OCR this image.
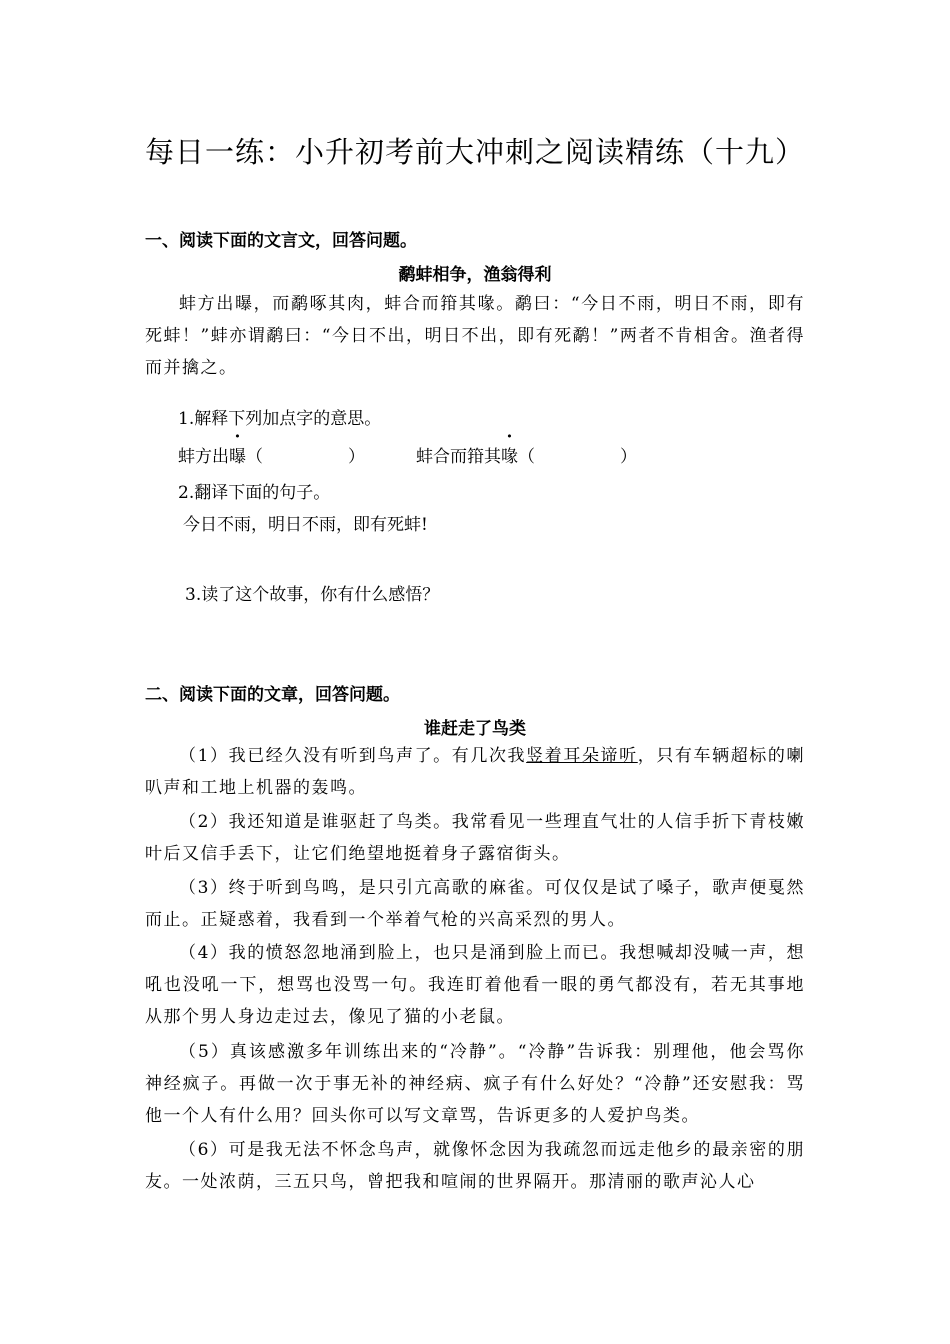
每日一练：小升初考前大冲刺之阅读精练（十九）
一、阅读下面的文言文，回答问题。
鹬蚌相争，渔翁得利
蚌方出曝，而鹬啄其肉，蚌合而箝其喙。鹬曰：“今日不雨，明日不雨，即有死蚌！”蚌亦谓鹬曰：“今日不出，明日不出，即有死鹬！”两者不肯相舍。渔者得而并擒之。
1.解释下列加点字的意思。
蚌方出曝（　　　　　）	蚌合而箝其喙（　　　　　）
2.翻译下面的句子。
今日不雨，明日不雨，即有死蚌!
3.读了这个故事，你有什么感悟？
二、阅读下面的文章，回答问题。
谁赶走了鸟类
（1）我已经久没有听到鸟声了。有几次我竖着耳朵谛听，只有车辆超标的喇叭声和工地上机器的轰鸣。
（2）我还知道是谁驱赶了鸟类。我常看见一些理直气壮的人信手折下青枝嫩叶后又信手丢下，让它们绝望地挺着身子露宿街头。
（3）终于听到鸟鸣，是只引亢高歌的麻雀。可仅仅是试了嗓子，歌声便戛然而止。正疑惑着，我看到一个举着气枪的兴高采烈的男人。
（4）我的愤怒忽地涌到脸上，也只是涌到脸上而已。我想喊却没喊一声，想吼也没吼一下，想骂也没骂一句。我连盯着他看一眼的勇气都没有，若无其事地从那个男人身边走过去，像见了猫的小老鼠。
（5）真该感激多年训练出来的“冷静”。“冷静”告诉我：别理他，他会骂你神经疯子。再做一次于事无补的神经病、疯子有什么好处？“冷静”还安慰我：骂他一个人有什么用？回头你可以写文章骂，告诉更多的人爱护鸟类。
（6）可是我无法不怀念鸟声，就像怀念因为我疏忽而远走他乡的最亲密的朋友。一处浓荫，三五只鸟，曾把我和喧闹的世界隔开。那清丽的歌声沁人心
